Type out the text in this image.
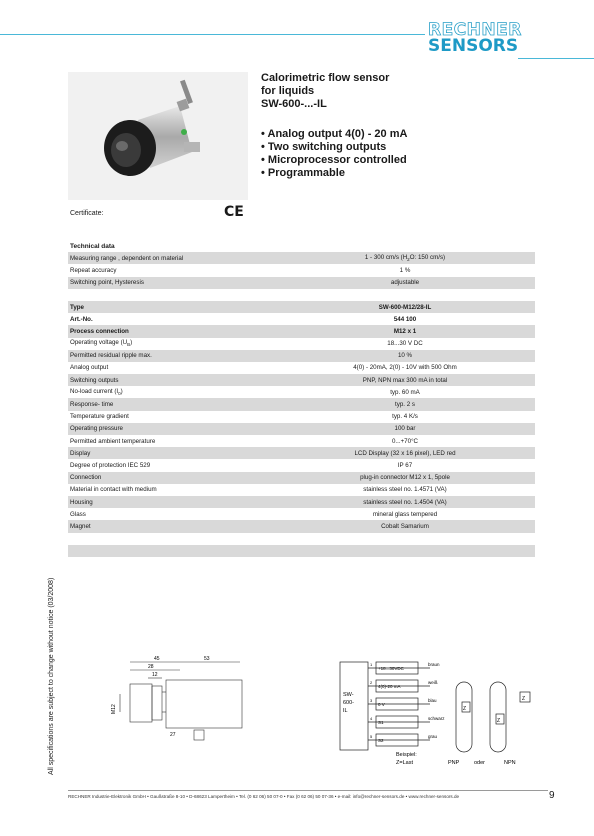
RECHNER
SENSORS
Calorimetric flow sensor
for liquids
SW-600-...-IL
• Analog output 4(0) - 20 mA
• Two switching outputs
• Microprocessor controlled
• Programmable
Certificate:	CE
Technical data
Measuring range , dependent on material	1 - 300 cm/s ($H_2O$: 150 cm/s)
Repeat accuracy	1 %
Switching point, Hysteresis	adjustable
Type	SW-600-M12/28-IL
Art.-No.	544 100
Process connection	M12 x 1
Operating voltage $(U_B)$	18...30 V DC
Permitted residual ripple max.	10 %
Analog output	4(0) - 20mA, 2(0) - 10V with 500 Ohm
Switching outputs	PNP, NPN max 300 mA in total
No-load current $(I_0)$	typ. 60 mA
Response- time	typ. 2 s
Temperature gradient	typ. 4 K/s
Operating pressure	100 bar
Permitted ambient temperature	0...+70°C
Display	LCD Display (32 x 16 pixel), LED red
Degree of protection IEC 529	IP 67
Connection	plug-in connector M12 x 1, 5pole
Material in contact with medium	stainless steel no. 1.4571 (VA)
Housing	stainless steel no. 1.4504 (VA)
Glass	mineral glass tempered
Magnet	Cobalt Samarium
45	53
28
12
M12
27
SW-
600-
IL
1
2
3
4
5
+18...30VDC
4(0)-20 mA
0 V
S1
S2
braun
weiß
blau
schwarz
grau
Z
Z
Z
PNP	oder	NPN
Beispiel:
Z=Last
All specifications are subject to change without notice (03/2008)
RECHNER Industrie-Elektronik GmbH • Gaußstraße 8-10 • D-68623 Lampertheim • Tel. (0 62 06) 50 07-0 • Fax (0 62 06) 50 07-36 • e-mail: info@rechner-sensors.de • www.rechner-sensors.de	9
